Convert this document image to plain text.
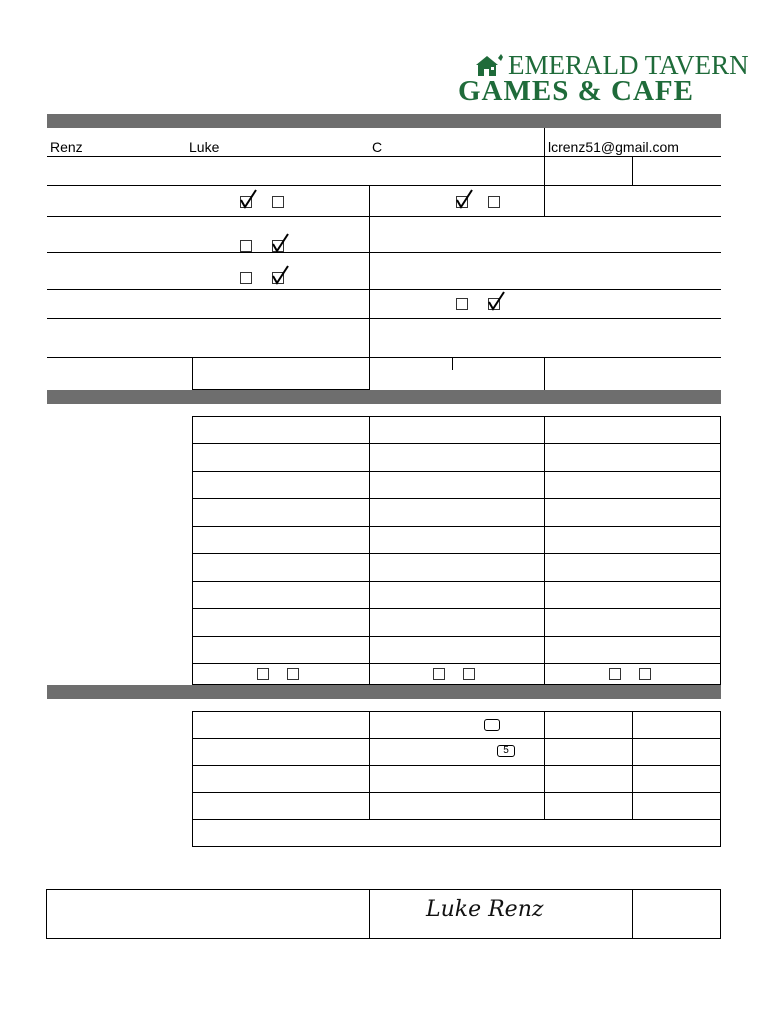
EMERALD TAVERN
GAMES & CAFE
Renz	Luke	C	lcrenz51@gmail.com
5
Luke Renz
